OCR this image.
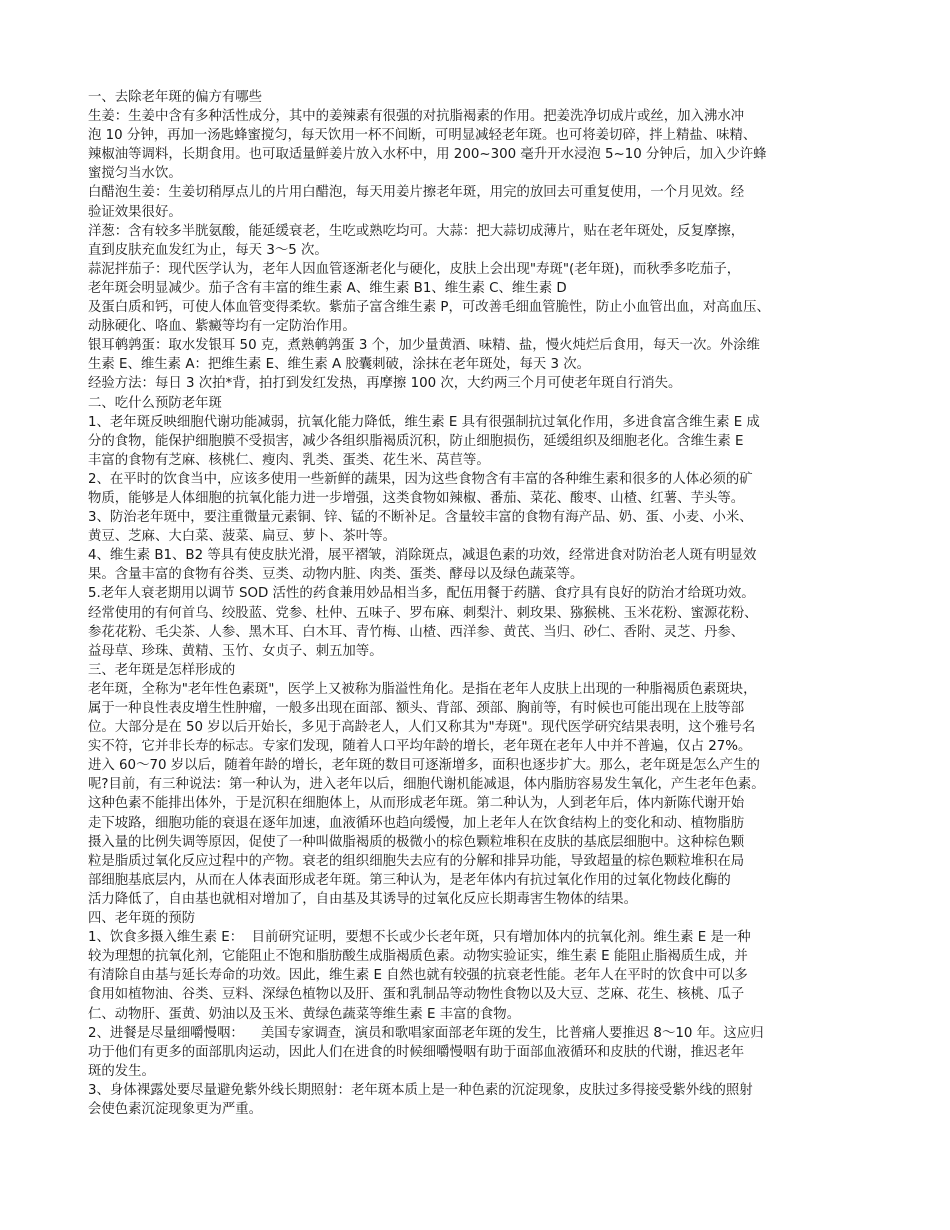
一、去除老年斑的偏方有哪些

生姜：生姜中含有多种活性成分，其中的姜辣素有很强的对抗脂褐素的作用。把姜洗净切成片或丝，加入沸水冲

泡 10 分钟，再加一汤匙蜂蜜搅匀，每天饮用一杯不间断，可明显减轻老年斑。也可将姜切碎，拌上精盐、味精、

辣椒油等调料，长期食用。也可取适量鲜姜片放入水杯中，用 200~300 毫升开水浸泡 5~10 分钟后，加入少许蜂

蜜搅匀当水饮。

白醋泡生姜：生姜切稍厚点儿的片用白醋泡，每天用姜片擦老年斑，用完的放回去可重复使用，一个月见效。经

验证效果很好。

洋葱：含有较多半胱氨酸，能延缓衰老，生吃或熟吃均可。大蒜：把大蒜切成薄片，贴在老年斑处，反复摩擦，

直到皮肤充血发红为止，每天 3～5 次。

蒜泥拌茄子：现代医学认为，老年人因血管逐渐老化与硬化，皮肤上会出现"寿斑"(老年斑)，而秋季多吃茄子，

老年斑会明显减少。茄子含有丰富的维生素 A、维生素 B1、维生素 C、维生素 D

及蛋白质和钙，可使人体血管变得柔软。紫茄子富含维生素 P，可改善毛细血管脆性，防止小血管出血，对高血压、

动脉硬化、咯血、紫癜等均有一定防治作用。

银耳鹌鹑蛋：取水发银耳 50 克，煮熟鹌鹑蛋 3 个，加少量黄酒、味精、盐，慢火炖烂后食用，每天一次。外涂维

生素 E、维生素 A：把维生素 E、维生素 A 胶囊刺破，涂抹在老年斑处，每天 3 次。

经验方法：每日 3 次拍*背，拍打到发红发热，再摩擦 100 次，大约两三个月可使老年斑自行消失。

二、吃什么预防老年斑

1、老年斑反映细胞代谢功能减弱，抗氧化能力降低，维生素 E 具有很强制抗过氧化作用，多进食富含维生素 E 成

分的食物，能保护细胞膜不受损害，减少各组织脂褐质沉积，防止细胞损伤，延缓组织及细胞老化。含维生素 E

丰富的食物有芝麻、核桃仁、瘦肉、乳类、蛋类、花生米、莴苣等。

2、在平时的饮食当中，应该多使用一些新鲜的蔬果，因为这些食物含有丰富的各种维生素和很多的人体必须的矿

物质，能够是人体细胞的抗氧化能力进一步增强，这类食物如辣椒、番茄、菜花、酸枣、山楂、红薯、芋头等。

3、防治老年斑中，要注重微量元素铜、锌、锰的不断补足。含量较丰富的食物有海产品、奶、蛋、小麦、小米、

黄豆、芝麻、大白菜、菠菜、扁豆、萝卜、茶叶等。

4、维生素 B1、B2 等具有使皮肤光滑，展平褶皱，消除斑点，减退色素的功效，经常进食对防治老人斑有明显效

果。含量丰富的食物有谷类、豆类、动物内脏、肉类、蛋类、酵母以及绿色蔬菜等。

5.老年人衰老期用以调节 SOD 活性的药食兼用妙品相当多，配伍用餐于药膳、食疗具有良好的防治才给斑功效。

经常使用的有何首乌、绞股蓝、党参、杜仲、五味子、罗布麻、刺梨汁、刺玫果、猕猴桃、玉米花粉、蜜源花粉、

参花花粉、毛尖茶、人参、黑木耳、白木耳、青竹梅、山楂、西洋参、黄芪、当归、砂仁、香附、灵芝、丹参、

益母草、珍珠、黄精、玉竹、女贞子、刺五加等。

三、老年斑是怎样形成的

老年斑，全称为"老年性色素斑"，医学上又被称为脂溢性角化。是指在老年人皮肤上出现的一种脂褐质色素斑块，

属于一种良性表皮增生性肿瘤，一般多出现在面部、额头、背部、颈部、胸前等，有时候也可能出现在上肢等部

位。大部分是在 50 岁以后开始长，多见于高龄老人，人们又称其为"寿斑"。现代医学研究结果表明，这个雅号名

实不符，它并非长寿的标志。专家们发现，随着人口平均年龄的增长，老年斑在老年人中并不普遍，仅占 27%。

进入 60～70 岁以后，随着年龄的增长，老年斑的数目可逐渐增多，面积也逐步扩大。那么，老年斑是怎么产生的

呢?目前，有三种说法：第一种认为，进入老年以后，细胞代谢机能减退，体内脂肪容易发生氧化，产生老年色素。

这种色素不能排出体外，于是沉积在细胞体上，从而形成老年斑。第二种认为，人到老年后，体内新陈代谢开始

走下坡路，细胞功能的衰退在逐年加速，血液循环也趋向缓慢，加上老年人在饮食结构上的变化和动、植物脂肪

摄入量的比例失调等原因，促使了一种叫做脂褐质的极微小的棕色颗粒堆积在皮肤的基底层细胞中。这种棕色颗

粒是脂质过氧化反应过程中的产物。衰老的组织细胞失去应有的分解和排异功能，导致超量的棕色颗粒堆积在局

部细胞基底层内，从而在人体表面形成老年斑。第三种认为，是老年体内有抗过氧化作用的过氧化物歧化酶的

活力降低了，自由基也就相对增加了，自由基及其诱导的过氧化反应长期毒害生物体的结果。

四、老年斑的预防

1、饮食多摄入维生素 E：  目前研究证明，要想不长或少长老年斑，只有增加体内的抗氧化剂。维生素 E 是一种

较为理想的抗氧化剂，它能阻止不饱和脂肪酸生成脂褐质色素。动物实验证实，维生素 E 能阻止脂褐质生成，并

有清除自由基与延长寿命的功效。因此，维生素 E 自然也就有较强的抗衰老性能。老年人在平时的饮食中可以多

食用如植物油、谷类、豆料、深绿色植物以及肝、蛋和乳制品等动物性食物以及大豆、芝麻、花生、核桃、瓜子

仁、动物肝、蛋黄、奶油以及玉米、黄绿色蔬菜等维生素 E 丰富的食物。

2、进餐是尽量细嚼慢咽：    美国专家调查，演员和歌唱家面部老年斑的发生，比普痛人要推迟 8～10 年。这应归

功于他们有更多的面部肌肉运动，因此人们在进食的时候细嚼慢咽有助于面部血液循环和皮肤的代谢，推迟老年

斑的发生。

3、身体裸露处要尽量避免紫外线长期照射：老年斑本质上是一种色素的沉淀现象，皮肤过多得接受紫外线的照射

会使色素沉淀现象更为严重。
